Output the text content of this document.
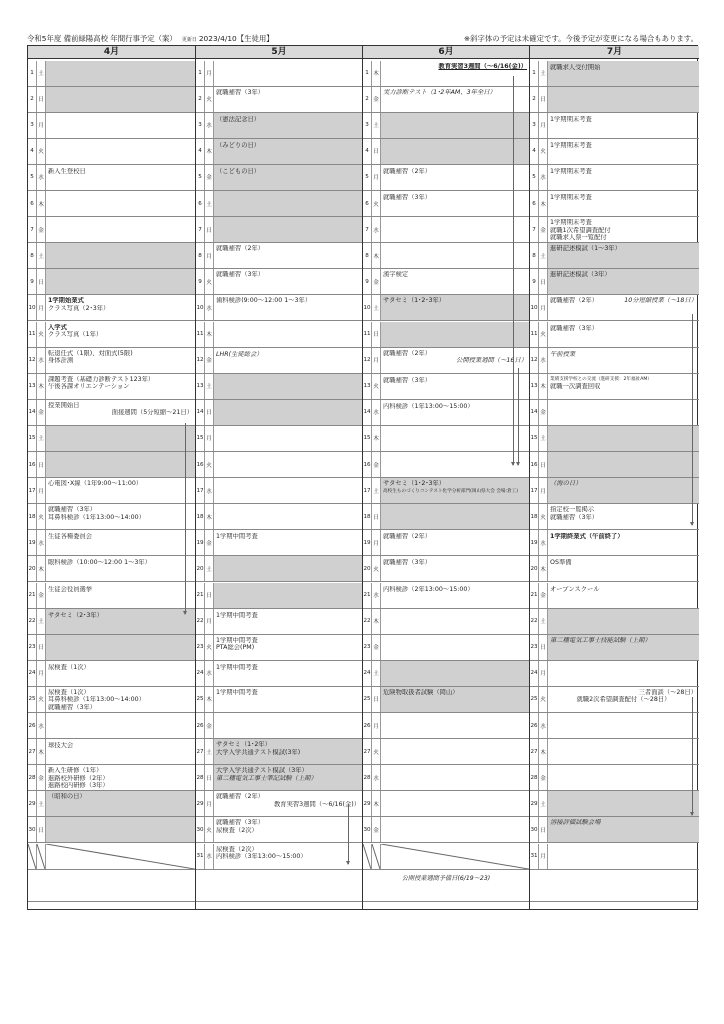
令和5年度 備前緑陽高校 年間行事予定（案） 更新日 2023/4/10【生徒用】	※斜字体の予定は未確定です。今後予定が変更になる場合もあります。
4月
1 土
2 日
3 月
4 火
5 水
新入生登校日
6 木
7 金
8 土
9 日
10 月
1学期始業式
クラス写真（2･3年）
11 火
入学式
クラス写真（1年）
12 水
転退任式（1限)、対面式(5限)
身体計測
13 木
課題考査（基礎力診断テスト123年）
午後各課オリエンテーション
14 金
授業開始日
面接週間（5分短縮～21日）
15 土
16 日
17 月
心電図･X線（1年9:00～11:00）
18 火
就職補習（3年）
耳鼻科検診（1年13:00～14:00）
19 水
生徒各種委員会
20 木
眼科検診（10:00～12:00 1～3年）
21 金
生徒会役員選挙
22 土
サタセミ（2･3年）
23 日
24 月
尿検査（1次）
25 火
尿検査（1次）
耳鼻科検診（1年13:00～14:00）
就職補習（3年）
26 水
27 木
球技大会
28 金
新入生研修（1年）
進路校外研修（2年）
進路校内研修（3年）
29 土
（昭和の日）
30 日
5月
1 月
2 火
就職補習（3年）
3 水
（憲法記念日）
4 木
（みどりの日）
5 金
（こどもの日）
6 土
7 日
8 月
就職補習（2年）
9 火
就職補習（3年）
10 水
歯科検診(9:00～12:00 1～3年）
11 木
12 金
LHR(生徒総会）
13 土
14 日
15 月
16 火
17 水
18 木
19 金
1学期中間考査
20 土
21 日
22 月
1学期中間考査
23 火
1学期中間考査
PTA総会(PM)
24 水
1学期中間考査
25 木
1学期中間考査
26 金
27 土
サタセミ（1･2年）
大学入学共通テスト模試(3年)
28 日
大学入学共通テスト模試（3年）
第二種電気工事士筆記試験（上期）
29 月
就職補習（2年）
教育実習3週間（～6/16(金)）
30 火
就職補習（3年）
尿検査（2次）
31 水
尿検査（2次）
内科検診（3年13:00～15:00）
6月
1 木
教育実習3週間（～6/16(金)）
2 金
実力診断テスト（1･2年AM、3年全日）
3 土
4 日
5 月
就職補習（2年）
6 火
就職補習（3年）
7 水
8 木
9 金
漢字検定
10 土
サタセミ（1･2･3年）
11 日
12 月
就職補習（2年）
公開授業週間（～16日）
13 火
就職補習（3年）
14 水
内科検診（1年13:00～15:00）
15 木
16 金
17 土
サタセミ（1･2･3年）
高校生ものづくりコンテスト化学分析部門(岡山県大会 会場:倉工)
18 日
19 月
就職補習（2年）
20 火
就職補習（3年）
21 水
内科検診（2年13:00～15:00）
22 木
23 金
24 土
25 日
危険物取扱者試験（岡山）
26 月
27 火
28 水
29 木
30 金
公開授業週間予備日(6/19～23)
7月
1 土
就職求人受付開始
2 日
3 月
1学期期末考査
4 火
1学期期末考査
5 水
1学期期末考査
6 木
1学期期末考査
7 金
1学期期末考査
就職1次希望調査配付
就職求人票一覧配付
8 土
進研記述模試（1～3年）
9 日
進研記述模試（3年）
10 月
就職補習（2年）	10分短縮授業（～18日）
11 火
就職補習（3年）
12 水
午前授業
13 木
業績支援学校との交流（進研支援：2年福祉AM）
就職一次調査回収
14 金
15 土
16 日
17 月
（海の日）
18 火
指定校一覧掲示
就職補習（3年）
19 水
1学期終業式（午前終了）
20 木
OS準備
21 金
オープンスクール
22 土
23 日
第二種電気工事士技能試験（上期）
24 月
25 火
三者面談（～28日）
就職2次希望調査配付（～28日）
26 水
27 木
28 金
29 土
30 日
溶接評価試験会場
31 月
